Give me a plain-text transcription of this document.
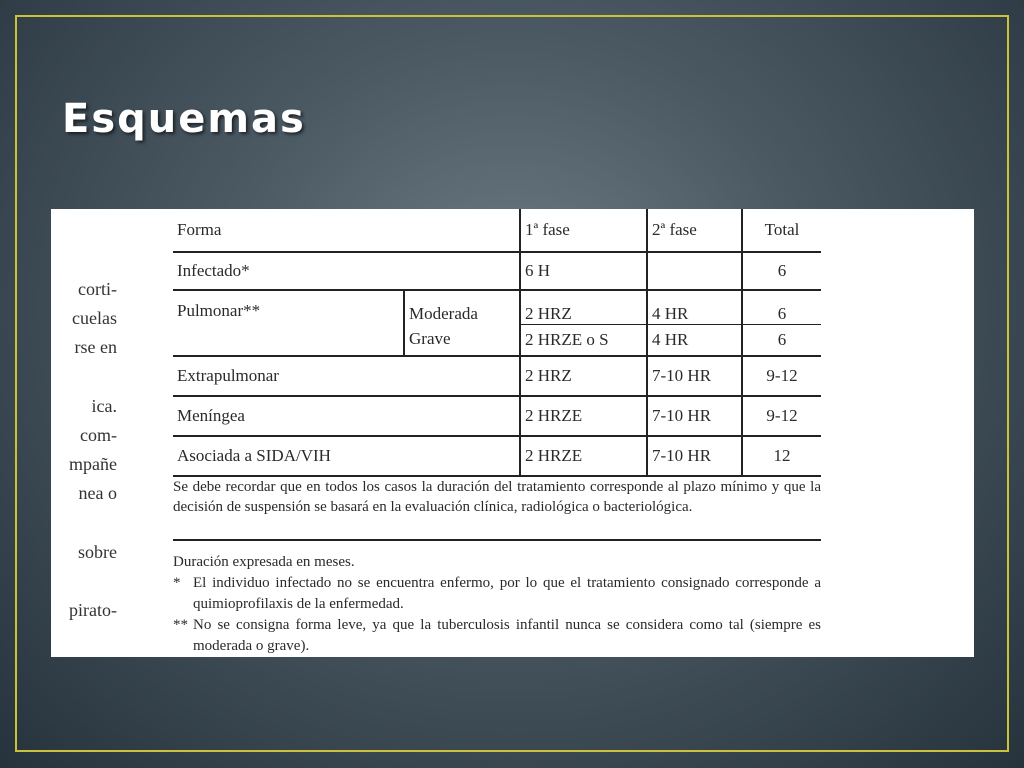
Esquemas
corti-
cuelas
rse en
ica.
com-
mpañe
nea o
sobre
pirato-
Forma		1ª fase	2ª fase	Total
Infectado*		6 H		6
Pulmonar**	Moderada	2 HRZ	4 HR	6
	Grave	2 HRZE o S	4 HR	6
Extrapulmonar		2 HRZ	7-10 HR	9-12
Meníngea		2 HRZE	7-10 HR	9-12
Asociada a SIDA/VIH		2 HRZE	7-10 HR	12

Se debe recordar que en todos los casos la duración del tratamiento corresponde al plazo mínimo y que la decisión de suspensión se basará en la evaluación clínica, radiológica o bacteriológica.

Duración expresada en meses.
* El individuo infectado no se encuentra enfermo, por lo que el tratamiento consignado corresponde a quimioprofilaxis de la enfermedad.
** No se consigna forma leve, ya que la tuberculosis infantil nunca se considera como tal (siempre es moderada o grave).
